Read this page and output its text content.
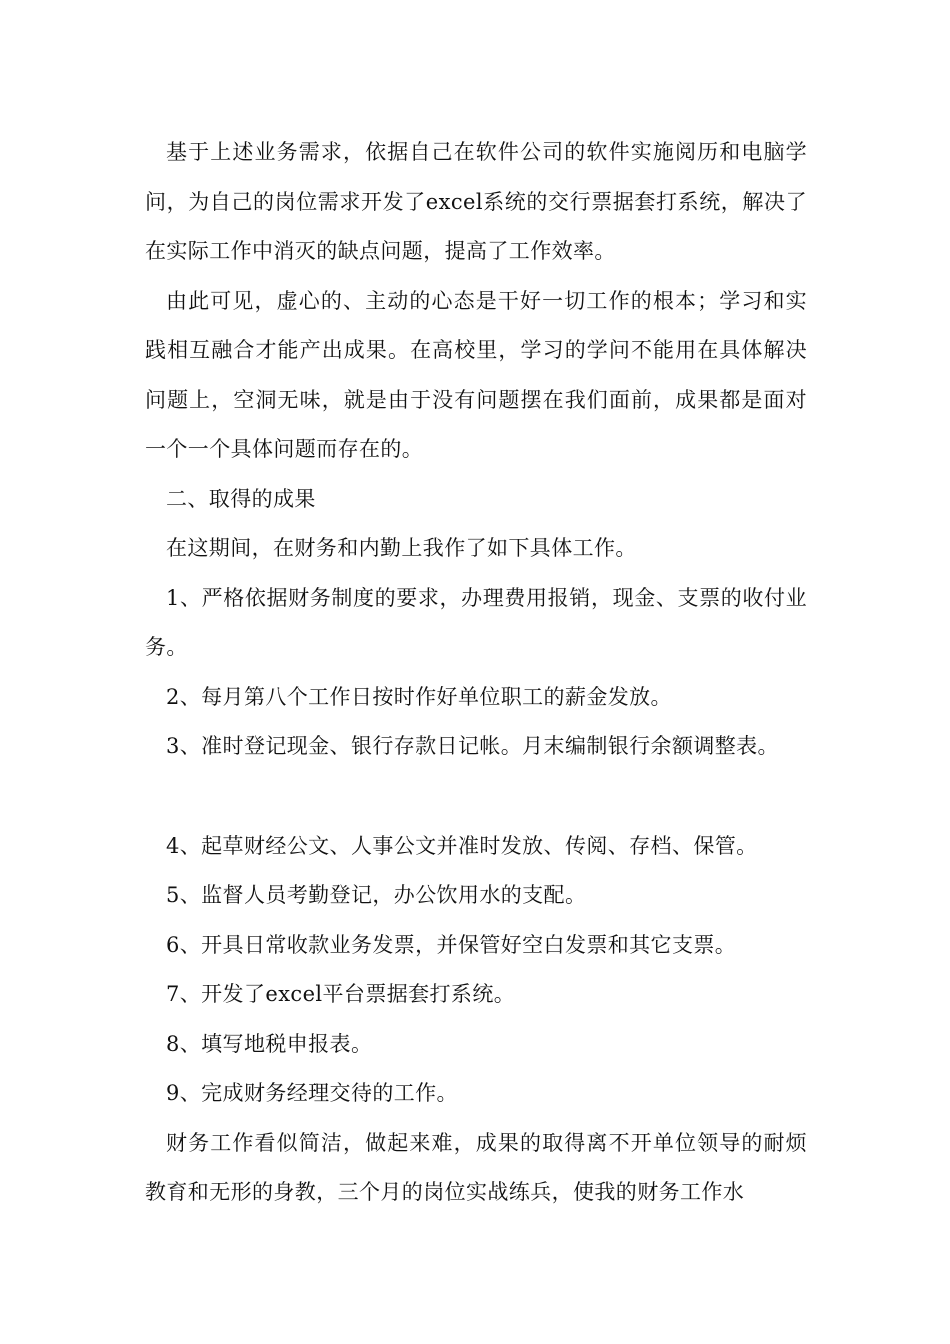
基于上述业务需求，依据自己在软件公司的软件实施阅历和电脑学问，为自己的岗位需求开发了excel系统的交行票据套打系统，解决了在实际工作中消灭的缺点问题，提高了工作效率。

由此可见，虚心的、主动的心态是干好一切工作的根本；学习和实践相互融合才能产出成果。在高校里，学习的学问不能用在具体解决问题上，空洞无味，就是由于没有问题摆在我们面前，成果都是面对一个一个具体问题而存在的。

二、取得的成果

在这期间，在财务和内勤上我作了如下具体工作。

1、严格依据财务制度的要求，办理费用报销，现金、支票的收付业务。

2、每月第八个工作日按时作好单位职工的薪金发放。

3、准时登记现金、银行存款日记帐。月末编制银行余额调整表。

4、起草财经公文、人事公文并准时发放、传阅、存档、保管。

5、监督人员考勤登记，办公饮用水的支配。

6、开具日常收款业务发票，并保管好空白发票和其它支票。

7、开发了excel平台票据套打系统。

8、填写地税申报表。

9、完成财务经理交待的工作。

财务工作看似简洁，做起来难，成果的取得离不开单位领导的耐烦教育和无形的身教，三个月的岗位实战练兵，使我的财务工作水
